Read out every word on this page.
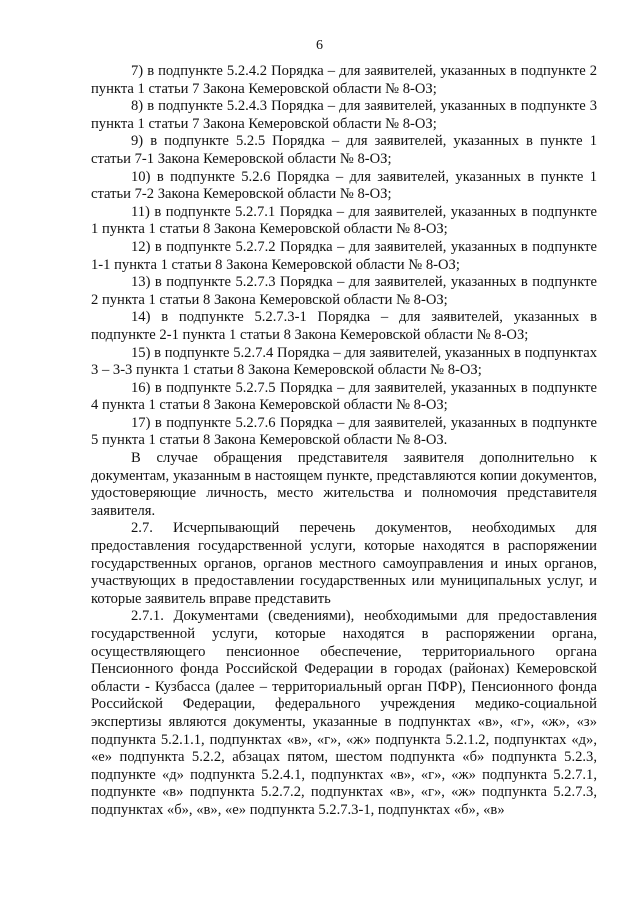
6

7) в подпункте 5.2.4.2 Порядка – для заявителей, указанных в подпункте 2 пункта 1 статьи 7 Закона Кемеровской области № 8-ОЗ;

8) в подпункте 5.2.4.3 Порядка – для заявителей, указанных в подпункте 3 пункта 1 статьи 7 Закона Кемеровской области № 8-ОЗ;

9) в подпункте 5.2.5 Порядка – для заявителей, указанных в пункте 1 статьи 7-1 Закона Кемеровской области № 8-ОЗ;

10) в подпункте 5.2.6 Порядка – для заявителей, указанных в пункте 1 статьи 7-2 Закона Кемеровской области № 8-ОЗ;

11) в подпункте 5.2.7.1 Порядка – для заявителей, указанных в подпункте 1 пункта 1 статьи 8 Закона Кемеровской области № 8-ОЗ;

12) в подпункте 5.2.7.2 Порядка – для заявителей, указанных в подпункте 1-1 пункта 1 статьи 8 Закона Кемеровской области № 8-ОЗ;

13) в подпункте 5.2.7.3 Порядка – для заявителей, указанных в подпункте 2 пункта 1 статьи 8 Закона Кемеровской области № 8-ОЗ;

14) в подпункте 5.2.7.3-1 Порядка – для заявителей, указанных в подпункте 2-1 пункта 1 статьи 8 Закона Кемеровской области № 8-ОЗ;

15) в подпункте 5.2.7.4 Порядка – для заявителей, указанных в подпунктах 3 – 3-3 пункта 1 статьи 8 Закона Кемеровской области № 8-ОЗ;

16) в подпункте 5.2.7.5 Порядка – для заявителей, указанных в подпункте 4 пункта 1 статьи 8 Закона Кемеровской области № 8-ОЗ;

17) в подпункте 5.2.7.6 Порядка – для заявителей, указанных в подпункте 5 пункта 1 статьи 8 Закона Кемеровской области № 8-ОЗ.

В случае обращения представителя заявителя дополнительно к документам, указанным в настоящем пункте, представляются копии документов, удостоверяющие личность, место жительства и полномочия представителя заявителя.

2.7. Исчерпывающий перечень документов, необходимых для предоставления государственной услуги, которые находятся в распоряжении государственных органов, органов местного самоуправления и иных органов, участвующих в предоставлении государственных или муниципальных услуг, и которые заявитель вправе представить

2.7.1. Документами (сведениями), необходимыми для предоставления государственной услуги, которые находятся в распоряжении органа, осуществляющего пенсионное обеспечение, территориального органа Пенсионного фонда Российской Федерации в городах (районах) Кемеровской области - Кузбасса (далее – территориальный орган ПФР), Пенсионного фонда Российской Федерации, федерального учреждения медико-социальной экспертизы являются документы, указанные в подпунктах «в», «г», «ж», «з» подпункта 5.2.1.1, подпунктах «в», «г», «ж» подпункта 5.2.1.2, подпунктах «д», «е» подпункта 5.2.2, абзацах пятом, шестом подпункта «б» подпункта 5.2.3, подпункте «д» подпункта 5.2.4.1, подпунктах «в», «г», «ж» подпункта 5.2.7.1, подпункте «в» подпункта 5.2.7.2, подпунктах «в», «г», «ж» подпункта 5.2.7.3, подпунктах «б», «в», «е» подпункта 5.2.7.3-1, подпунктах «б», «в»
